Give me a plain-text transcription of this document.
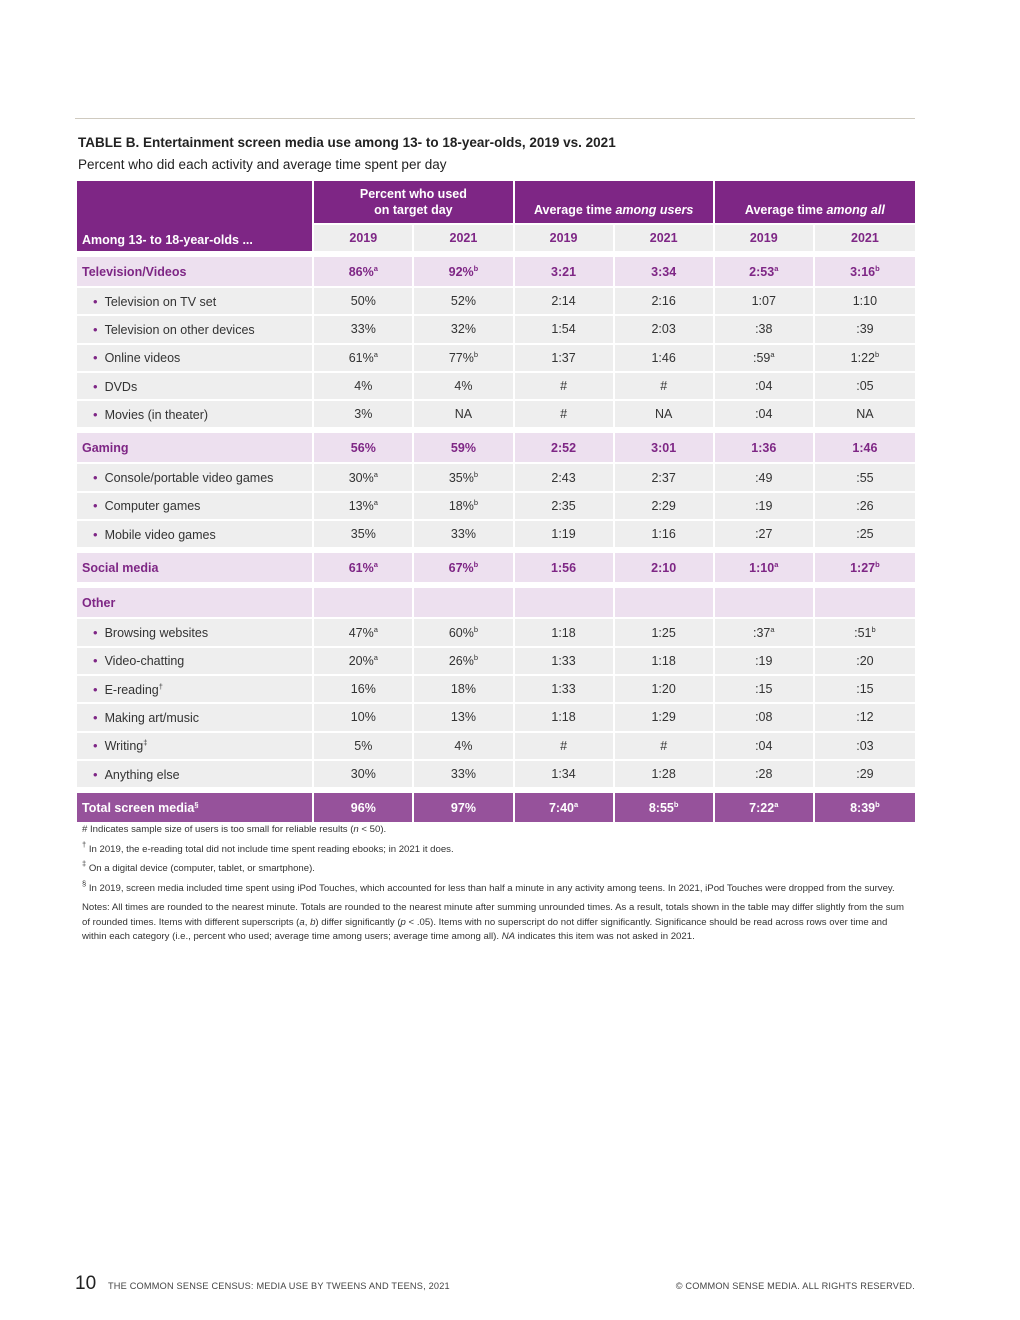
TABLE B. Entertainment screen media use among 13- to 18-year-olds, 2019 vs. 2021
Percent who did each activity and average time spent per day
Among 13- to 18-year-olds ...	Percent who used
on target day		Average time among users		Average time among all	
	2019	2021	2019	2021	2019	2021

Television/Videos	86%$^a$	92%$^b$	3:21	3:34	2:53$^a$	3:16$^b$
• Television on TV set	50%	52%	2:14	2:16	1:07	1:10
• Television on other devices	33%	32%	1:54	2:03	:38	:39
• Online videos	61%$^a$	77%$^b$	1:37	1:46	:59$^a$	1:22$^b$
• DVDs	4%	4%	#	#	:04	:05
• Movies (in theater)	3%	NA	#	NA	:04	NA

Gaming	56%	59%	2:52	3:01	1:36	1:46
• Console/portable video games	30%$^a$	35%$^b$	2:43	2:37	:49	:55
• Computer games	13%$^a$	18%$^b$	2:35	2:29	:19	:26
• Mobile video games	35%	33%	1:19	1:16	:27	:25

Social media	61%$^a$	67%$^b$	1:56	2:10	1:10$^a$	1:27$^b$

Other						
• Browsing websites	47%$^a$	60%$^b$	1:18	1:25	:37$^a$	:51$^b$
• Video-chatting	20%$^a$	26%$^b$	1:33	1:18	:19	:20
• E-reading†	16%	18%	1:33	1:20	:15	:15
• Making art/music	10%	13%	1:18	1:29	:08	:12
• Writing‡	5%	4%	#	#	:04	:03
• Anything else	30%	33%	1:34	1:28	:28	:29

Total screen media§	96%	97%	7:40$^a$	8:55$^b$	7:22$^a$	8:39$^b$

# Indicates sample size of users is too small for reliable results (n < 50).

† In 2019, the e-reading total did not include time spent reading ebooks; in 2021 it does.

‡ On a digital device (computer, tablet, or smartphone).

§ In 2019, screen media included time spent using iPod Touches, which accounted for less than half a minute in any activity among teens. In 2021, iPod Touches were dropped from the survey.

Notes: All times are rounded to the nearest minute. Totals are rounded to the nearest minute after summing unrounded times. As a result, totals shown in the table may differ slightly from the sum of rounded times. Items with different superscripts (a, b) differ significantly (p < .05). Items with no superscript do not differ significantly. Significance should be read across rows over time and within each category (i.e., percent who used; average time among users; average time among all). NA indicates this item was not asked in 2021.

10 THE COMMON SENSE CENSUS: MEDIA USE BY TWEENS AND TEENS, 2021	© COMMON SENSE MEDIA. ALL RIGHTS RESERVED.
